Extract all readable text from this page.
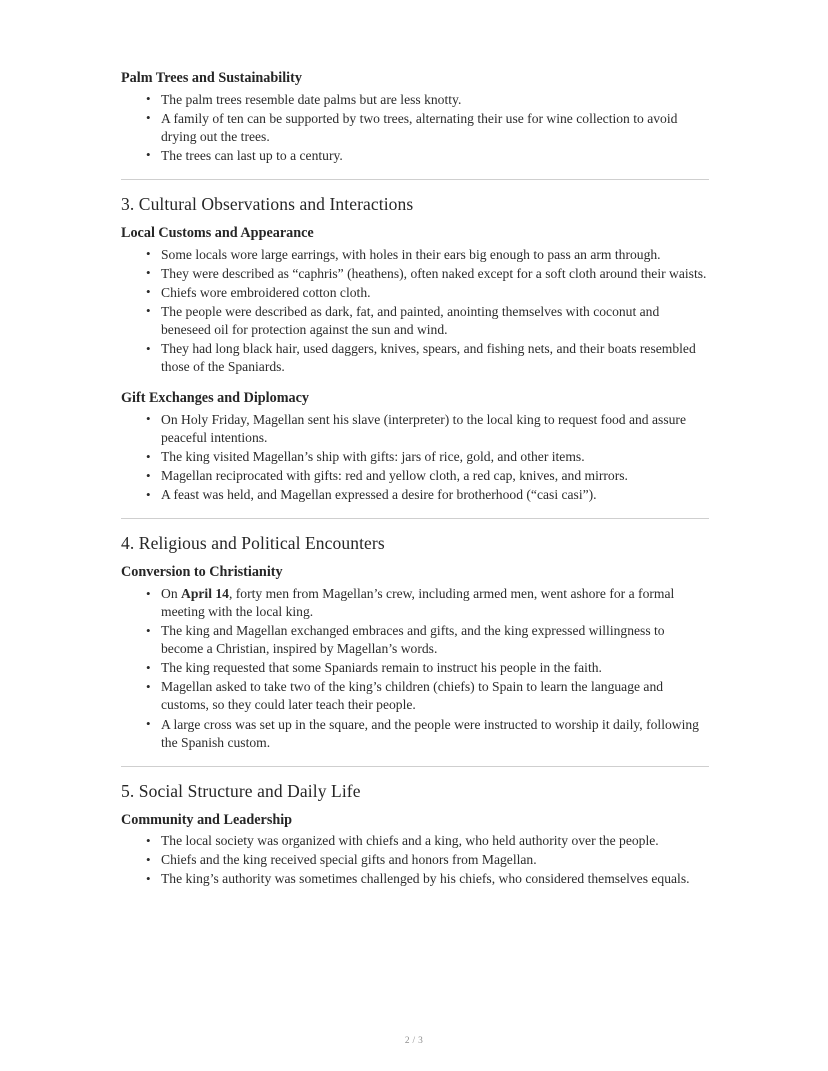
Palm Trees and Sustainability
• The palm trees resemble date palms but are less knotty.
• A family of ten can be supported by two trees, alternating their use for wine collection to avoid drying out the trees.
• The trees can last up to a century.
3. Cultural Observations and Interactions
Local Customs and Appearance
• Some locals wore large earrings, with holes in their ears big enough to pass an arm through.
• They were described as “caphris” (heathens), often naked except for a soft cloth around their waists.
• Chiefs wore embroidered cotton cloth.
• The people were described as dark, fat, and painted, anointing themselves with coconut and beneseed oil for protection against the sun and wind.
• They had long black hair, used daggers, knives, spears, and fishing nets, and their boats resembled those of the Spaniards.
Gift Exchanges and Diplomacy
• On Holy Friday, Magellan sent his slave (interpreter) to the local king to request food and assure peaceful intentions.
• The king visited Magellan’s ship with gifts: jars of rice, gold, and other items.
• Magellan reciprocated with gifts: red and yellow cloth, a red cap, knives, and mirrors.
• A feast was held, and Magellan expressed a desire for brotherhood (“casi casi”).
4. Religious and Political Encounters
Conversion to Christianity
• On April 14, forty men from Magellan’s crew, including armed men, went ashore for a formal meeting with the local king.
• The king and Magellan exchanged embraces and gifts, and the king expressed willingness to become a Christian, inspired by Magellan’s words.
• The king requested that some Spaniards remain to instruct his people in the faith.
• Magellan asked to take two of the king’s children (chiefs) to Spain to learn the language and customs, so they could later teach their people.
• A large cross was set up in the square, and the people were instructed to worship it daily, following the Spanish custom.
5. Social Structure and Daily Life
Community and Leadership
• The local society was organized with chiefs and a king, who held authority over the people.
• Chiefs and the king received special gifts and honors from Magellan.
• The king’s authority was sometimes challenged by his chiefs, who considered themselves equals.
2 / 3
